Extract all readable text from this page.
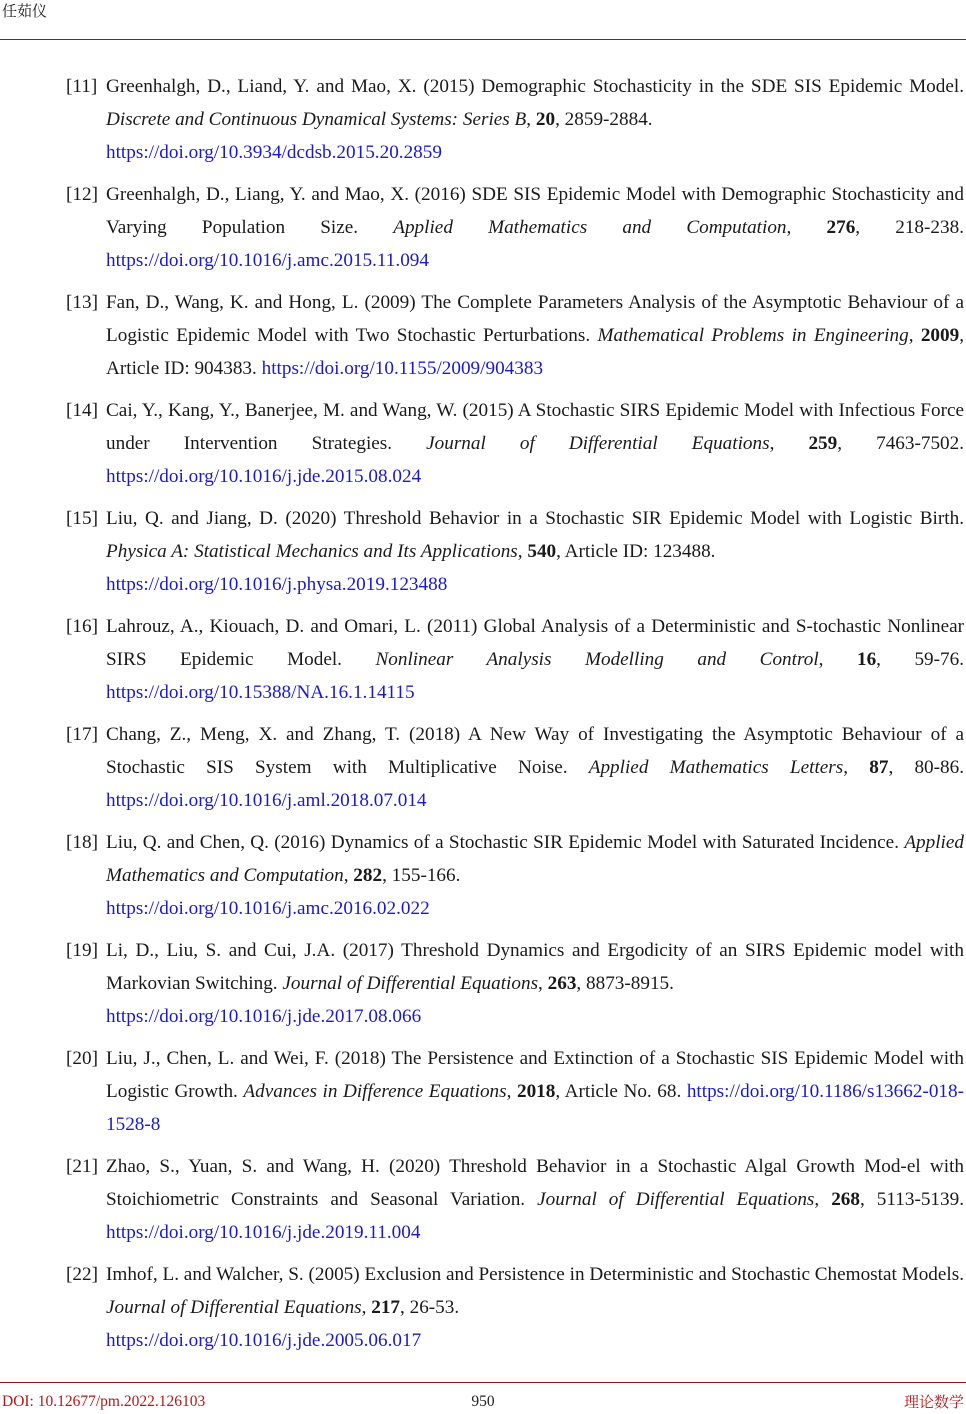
任茹仪
[11] Greenhalgh, D., Liand, Y. and Mao, X. (2015) Demographic Stochasticity in the SDE SIS Epidemic Model. Discrete and Continuous Dynamical Systems: Series B, 20, 2859-2884.
https://doi.org/10.3934/dcdsb.2015.20.2859
[12] Greenhalgh, D., Liang, Y. and Mao, X. (2016) SDE SIS Epidemic Model with Demographic Stochasticity and Varying Population Size. Applied Mathematics and Computation, 276, 218-238. https://doi.org/10.1016/j.amc.2015.11.094
[13] Fan, D., Wang, K. and Hong, L. (2009) The Complete Parameters Analysis of the Asymptotic Behaviour of a Logistic Epidemic Model with Two Stochastic Perturbations. Mathematical Problems in Engineering, 2009, Article ID: 904383. https://doi.org/10.1155/2009/904383
[14] Cai, Y., Kang, Y., Banerjee, M. and Wang, W. (2015) A Stochastic SIRS Epidemic Model with Infectious Force under Intervention Strategies. Journal of Differential Equations, 259, 7463-7502. https://doi.org/10.1016/j.jde.2015.08.024
[15] Liu, Q. and Jiang, D. (2020) Threshold Behavior in a Stochastic SIR Epidemic Model with Logistic Birth. Physica A: Statistical Mechanics and Its Applications, 540, Article ID: 123488.
https://doi.org/10.1016/j.physa.2019.123488
[16] Lahrouz, A., Kiouach, D. and Omari, L. (2011) Global Analysis of a Deterministic and S-tochastic Nonlinear SIRS Epidemic Model. Nonlinear Analysis Modelling and Control, 16, 59-76. https://doi.org/10.15388/NA.16.1.14115
[17] Chang, Z., Meng, X. and Zhang, T. (2018) A New Way of Investigating the Asymptotic Behaviour of a Stochastic SIS System with Multiplicative Noise. Applied Mathematics Letters, 87, 80-86. https://doi.org/10.1016/j.aml.2018.07.014
[18] Liu, Q. and Chen, Q. (2016) Dynamics of a Stochastic SIR Epidemic Model with Saturated Incidence. Applied Mathematics and Computation, 282, 155-166.
https://doi.org/10.1016/j.amc.2016.02.022
[19] Li, D., Liu, S. and Cui, J.A. (2017) Threshold Dynamics and Ergodicity of an SIRS Epidemic model with Markovian Switching. Journal of Differential Equations, 263, 8873-8915.
https://doi.org/10.1016/j.jde.2017.08.066
[20] Liu, J., Chen, L. and Wei, F. (2018) The Persistence and Extinction of a Stochastic SIS Epidemic Model with Logistic Growth. Advances in Difference Equations, 2018, Article No. 68. https://doi.org/10.1186/s13662-018-1528-8
[21] Zhao, S., Yuan, S. and Wang, H. (2020) Threshold Behavior in a Stochastic Algal Growth Mod-el with Stoichiometric Constraints and Seasonal Variation. Journal of Differential Equations, 268, 5113-5139. https://doi.org/10.1016/j.jde.2019.11.004
[22] Imhof, L. and Walcher, S. (2005) Exclusion and Persistence in Deterministic and Stochastic Chemostat Models. Journal of Differential Equations, 217, 26-53.
https://doi.org/10.1016/j.jde.2005.06.017
DOI: 10.12677/pm.2022.126103	950	理论数学
